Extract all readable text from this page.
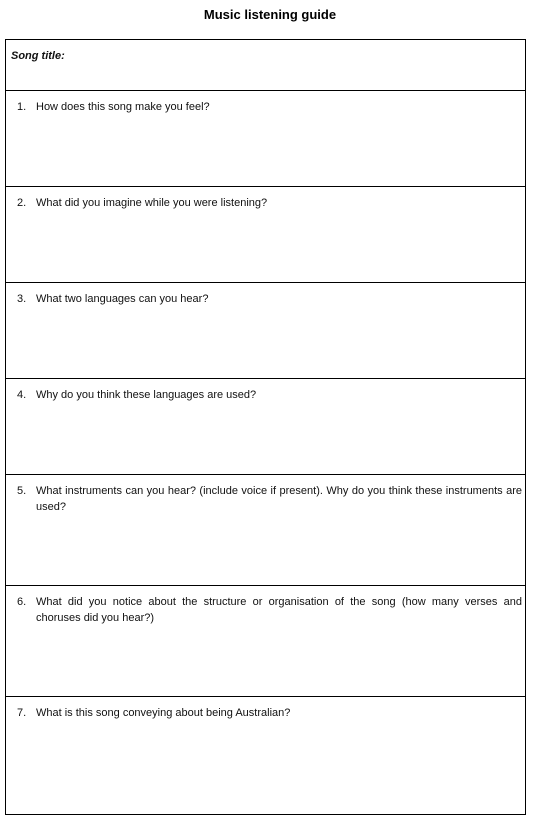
Music listening guide
Song title:
1. How does this song make you feel?
2. What did you imagine while you were listening?
3. What two languages can you hear?
4. Why do you think these languages are used?
5. What instruments can you hear? (include voice if present). Why do you think these instruments are used?
6. What did you notice about the structure or organisation of the song (how many verses and choruses did you hear?)
7. What is this song conveying about being Australian?
